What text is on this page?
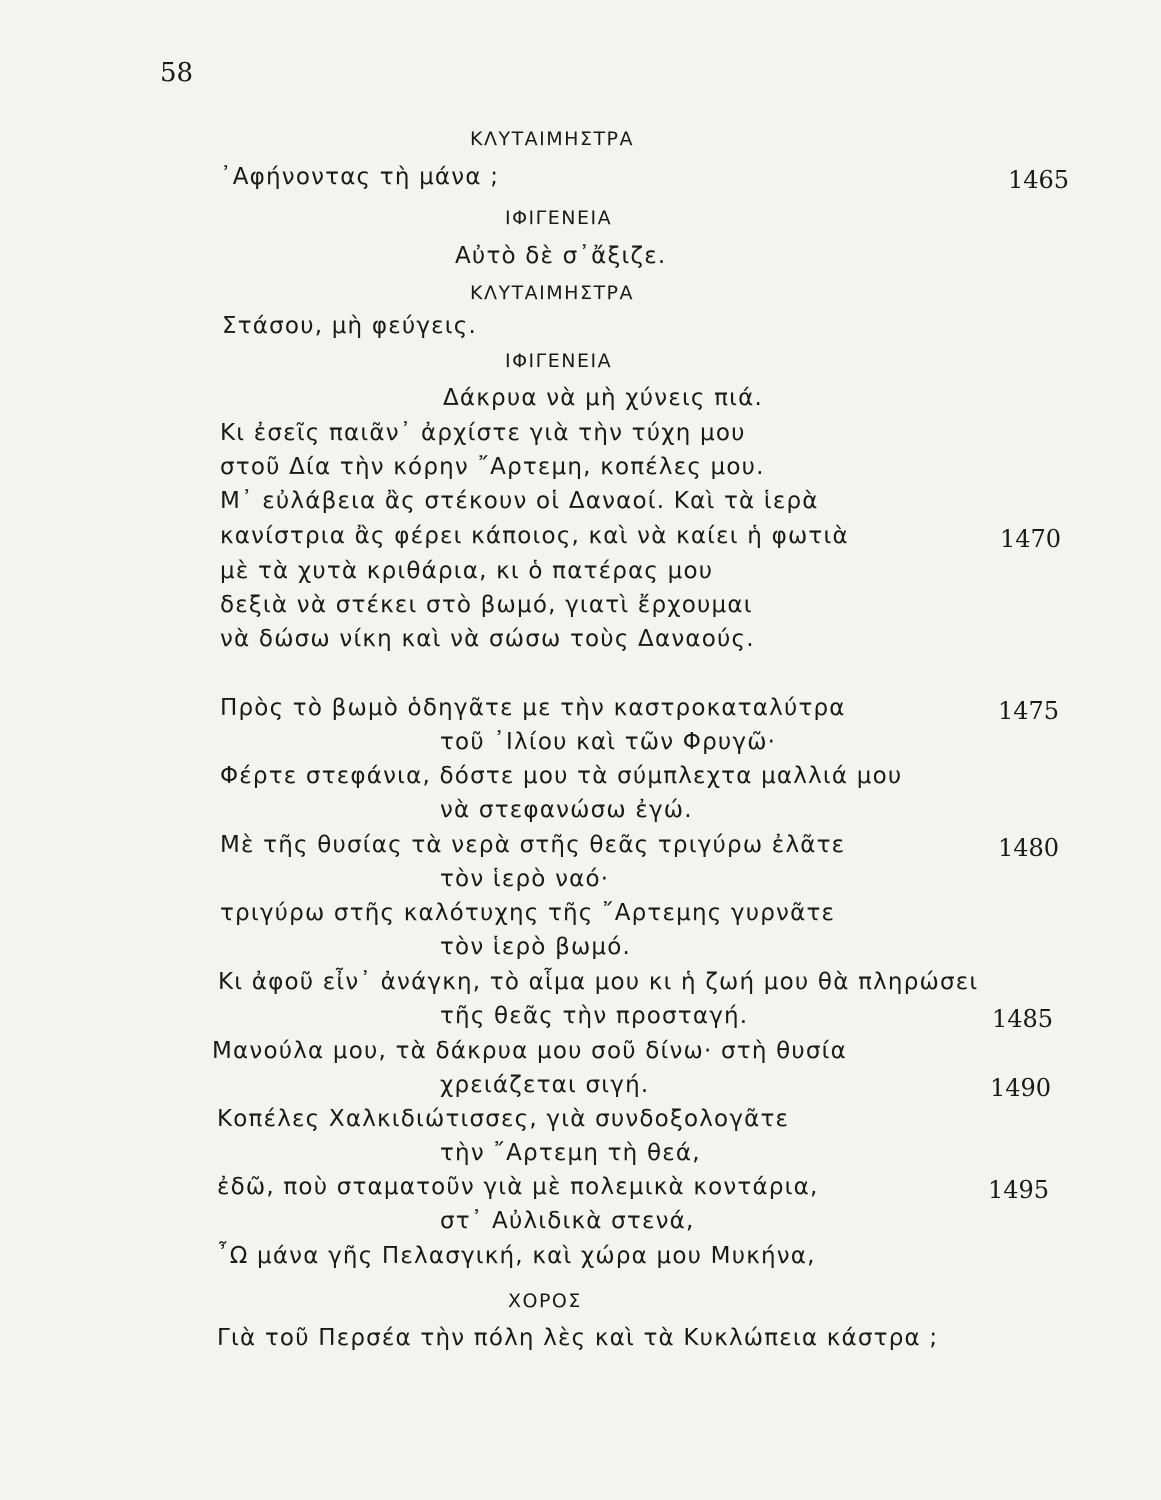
58
ΚΛΥΤΑΙΜΗΣΤΡΑ
᾿Αφήνοντας τὴ μάνα ;	1465
ΙΦΙΓΕΝΕΙΑ
Αὐτὸ δὲ σ᾿ἄξιζε.
ΚΛΥΤΑΙΜΗΣΤΡΑ
Στάσου, μὴ φεύγεις.
ΙΦΙΓΕΝΕΙΑ
Δάκρυα νὰ μὴ χύνεις πιά.
Κι ἐσεῖς παιᾶν᾿ ἀρχίστε γιὰ τὴν τύχη μου
στοῦ Δία τὴν κόρην ῎Αρτεμη, κοπέλες μου.
Μ᾿ εὐλάβεια ἂς στέκουν οἱ Δαναοί. Καὶ τὰ ἱερὰ
κανίστρια ἂς φέρει κάποιος, καὶ νὰ καίει ἡ φωτιὰ	1470
μὲ τὰ χυτὰ κριθάρια, κι ὁ πατέρας μου
δεξιὰ νὰ στέκει στὸ βωμό, γιατὶ ἔρχουμαι
νὰ δώσω νίκη καὶ νὰ σώσω τοὺς Δαναούς.
Πρὸς τὸ βωμὸ ὁδηγᾶτε με τὴν καστροκαταλύτρα	1475
τοῦ ᾿Ιλίου καὶ τῶν Φρυγῶ·
Φέρτε στεφάνια, δόστε μου τὰ σύμπλεχτα μαλλιά μου
νὰ στεφανώσω ἐγώ.
Μὲ τῆς θυσίας τὰ νερὰ στῆς θεᾶς τριγύρω ἐλᾶτε	1480
τὸν ἱερὸ ναό·
τριγύρω στῆς καλότυχης τῆς ῎Αρτεμης γυρνᾶτε
τὸν ἱερὸ βωμό.
Κι ἀφοῦ εἶν᾿ ἀνάγκη, τὸ αἷμα μου κι ἡ ζωή μου θὰ πληρώσει
τῆς θεᾶς τὴν προσταγή.	1485
Μανούλα μου, τὰ δάκρυα μου σοῦ δίνω· στὴ θυσία
χρειάζεται σιγή.	1490
Κοπέλες Χαλκιδιώτισσες, γιὰ συνδοξολογᾶτε
τὴν ῎Αρτεμη τὴ θεά,
ἐδῶ, ποὺ σταματοῦν γιὰ μὲ πολεμικὰ κοντάρια,	1495
στ᾿ Αὐλιδικὰ στενά,
῏Ω μάνα γῆς Πελασγική, καὶ χώρα μου Μυκήνα,
ΧΟΡΟΣ
Γιὰ τοῦ Περσέα τὴν πόλη λὲς καὶ τὰ Κυκλώπεια κάστρα ;
